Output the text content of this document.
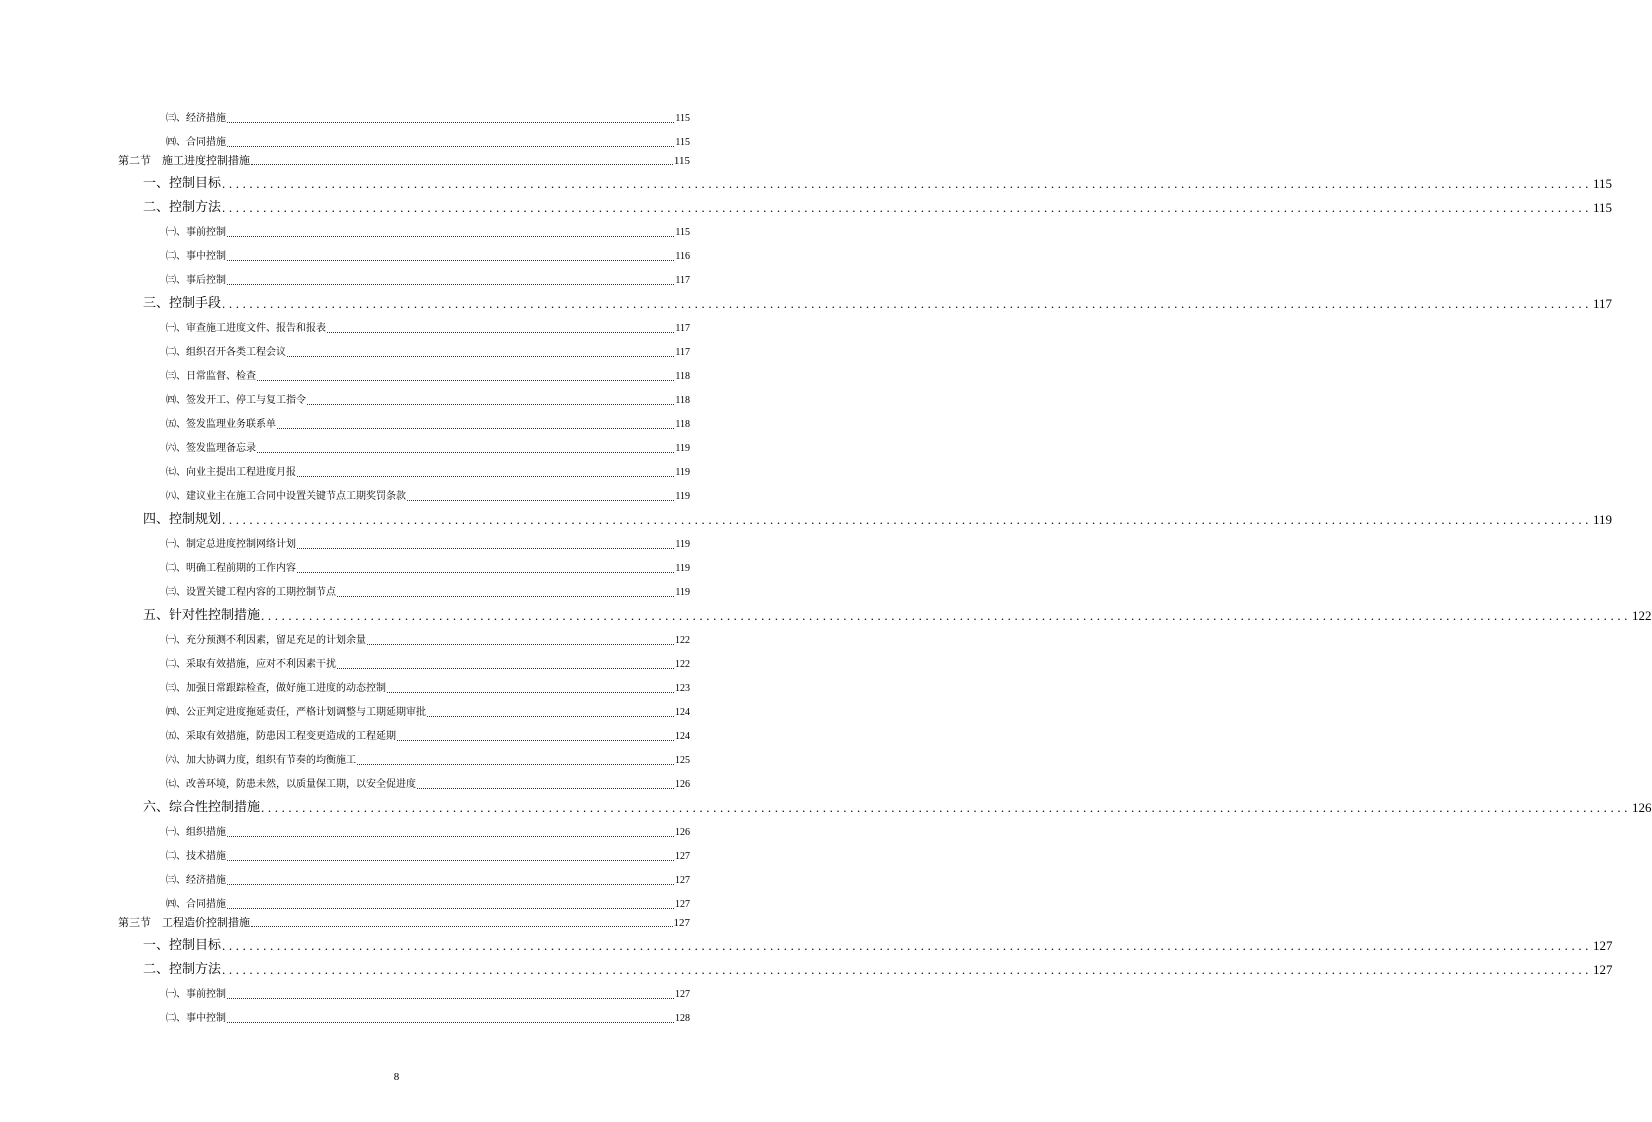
㈢、经济措施	115
㈣、合同措施	115
第二节　施工进度控制措施	115
一、控制目标 ........................................................................................................................................................................................................ 115
二、控制方法 ........................................................................................................................................................................................................ 115
㈠、事前控制	115
㈡、事中控制	116
㈢、事后控制	117
三、控制手段 ........................................................................................................................................................................................................ 117
㈠、审查施工进度文件、报告和报表	117
㈡、组织召开各类工程会议	117
㈢、日常监督、检查	118
㈣、签发开工、停工与复工指令	118
㈤、签发监理业务联系单	118
㈥、签发监理备忘录	119
㈦、向业主提出工程进度月报	119
㈧、建议业主在施工合同中设置关键节点工期奖罚条款	119
四、控制规划 ........................................................................................................................................................................................................ 119
㈠、制定总进度控制网络计划	119
㈡、明确工程前期的工作内容	119
㈢、设置关键工程内容的工期控制节点	119
五、针对性控制措施 ........................................................................................................................................................................................................ 122
㈠、充分预测不利因素，留足充足的计划余量	122
㈡、采取有效措施，应对不利因素干扰	122
㈢、加强日常跟踪检查，做好施工进度的动态控制	123
㈣、公正判定进度拖延责任，严格计划调整与工期延期审批	124
㈤、采取有效措施，防患因工程变更造成的工程延期	124
㈥、加大协调力度，组织有节奏的均衡施工	125
㈦、改善环境，防患未然，以质量保工期，以安全促进度	126
六、综合性控制措施 ........................................................................................................................................................................................................ 126
㈠、组织措施	126
㈡、技术措施	127
㈢、经济措施	127
㈣、合同措施	127
第三节　工程造价控制措施	127
一、控制目标 ........................................................................................................................................................................................................ 127
二、控制方法 ........................................................................................................................................................................................................ 127
㈠、事前控制	127
㈡、事中控制	128
8
